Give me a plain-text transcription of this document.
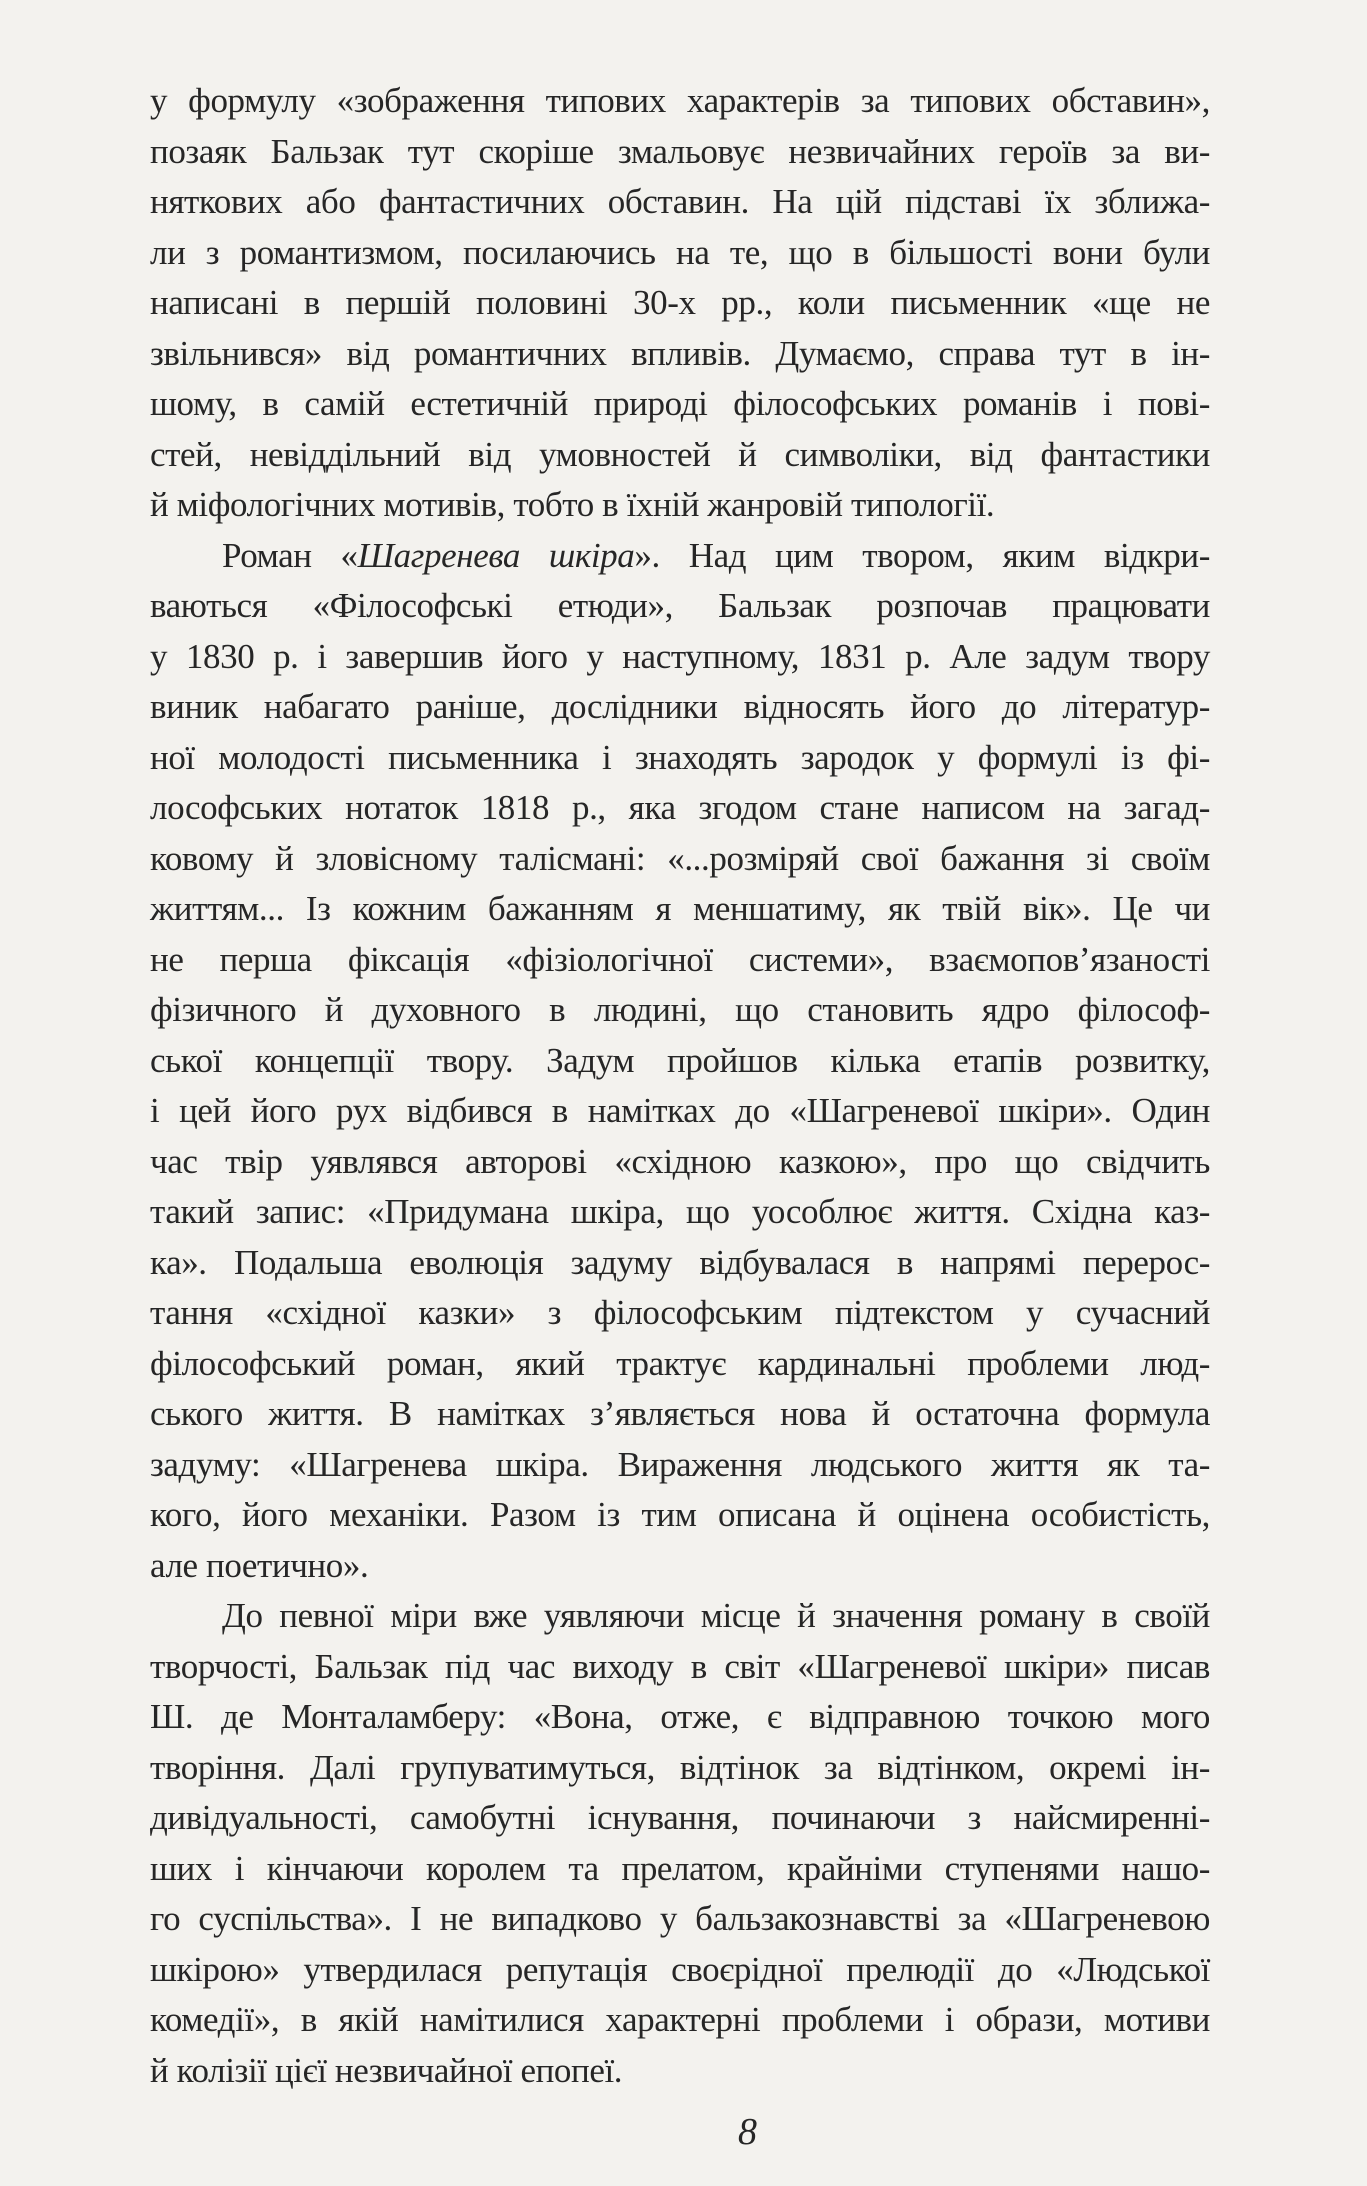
у формулу «зображення типових характерів за типових обставин»,
позаяк Бальзак тут скоріше змальовує незвичайних героїв за ви-
няткових або фантастичних обставин. На цій підставі їх зближа-
ли з романтизмом, посилаючись на те, що в більшості вони були
написані в першій половині 30-х рр., коли письменник «ще не
звільнився» від романтичних впливів. Думаємо, справа тут в ін-
шому, в самій естетичній природі філософських романів і пові-
стей, невіддільний від умовностей й символіки, від фантастики
й міфологічних мотивів, тобто в їхній жанровій типології.
Роман «Шагренева шкіра». Над цим твором, яким відкри-
ваються «Філософські етюди», Бальзак розпочав працювати
у 1830 р. і завершив його у наступному, 1831 р. Але задум твору
виник набагато раніше, дослідники відносять його до літератур-
ної молодості письменника і знаходять зародок у формулі із фі-
лософських нотаток 1818 р., яка згодом стане написом на загад-
ковому й зловісному талісмані: «...розміряй свої бажання зі своїм
життям... Із кожним бажанням я меншатиму, як твій вік». Це чи
не перша фіксація «фізіологічної системи», взаємопов’язаності
фізичного й духовного в людині, що становить ядро філософ-
ської концепції твору. Задум пройшов кілька етапів розвитку,
і цей його рух відбився в намітках до «Шагреневої шкіри». Один
час твір уявлявся авторові «східною казкою», про що свідчить
такий запис: «Придумана шкіра, що уособлює життя. Східна каз-
ка». Подальша еволюція задуму відбувалася в напрямі перерос-
тання «східної казки» з філософським підтекстом у сучасний
філософський роман, який трактує кардинальні проблеми люд-
ського життя. В намітках з’являється нова й остаточна формула
задуму: «Шагренева шкіра. Вираження людського життя як та-
кого, його механіки. Разом із тим описана й оцінена особистість,
але поетично».
До певної міри вже уявляючи місце й значення роману в своїй
творчості, Бальзак під час виходу в світ «Шагреневої шкіри» писав
Ш. де Монталамберу: «Вона, отже, є відправною точкою мого
творіння. Далі групуватимуться, відтінок за відтінком, окремі ін-
дивідуальності, самобутні існування, починаючи з найсмиренні-
ших і кінчаючи королем та прелатом, крайніми ступенями нашо-
го суспільства». І не випадково у бальзакознавстві за «Шагреневою
шкірою» утвердилася репутація своєрідної прелюдії до «Людської
комедії», в якій намітилися характерні проблеми і образи, мотиви
й колізії цієї незвичайної епопеї.
8
